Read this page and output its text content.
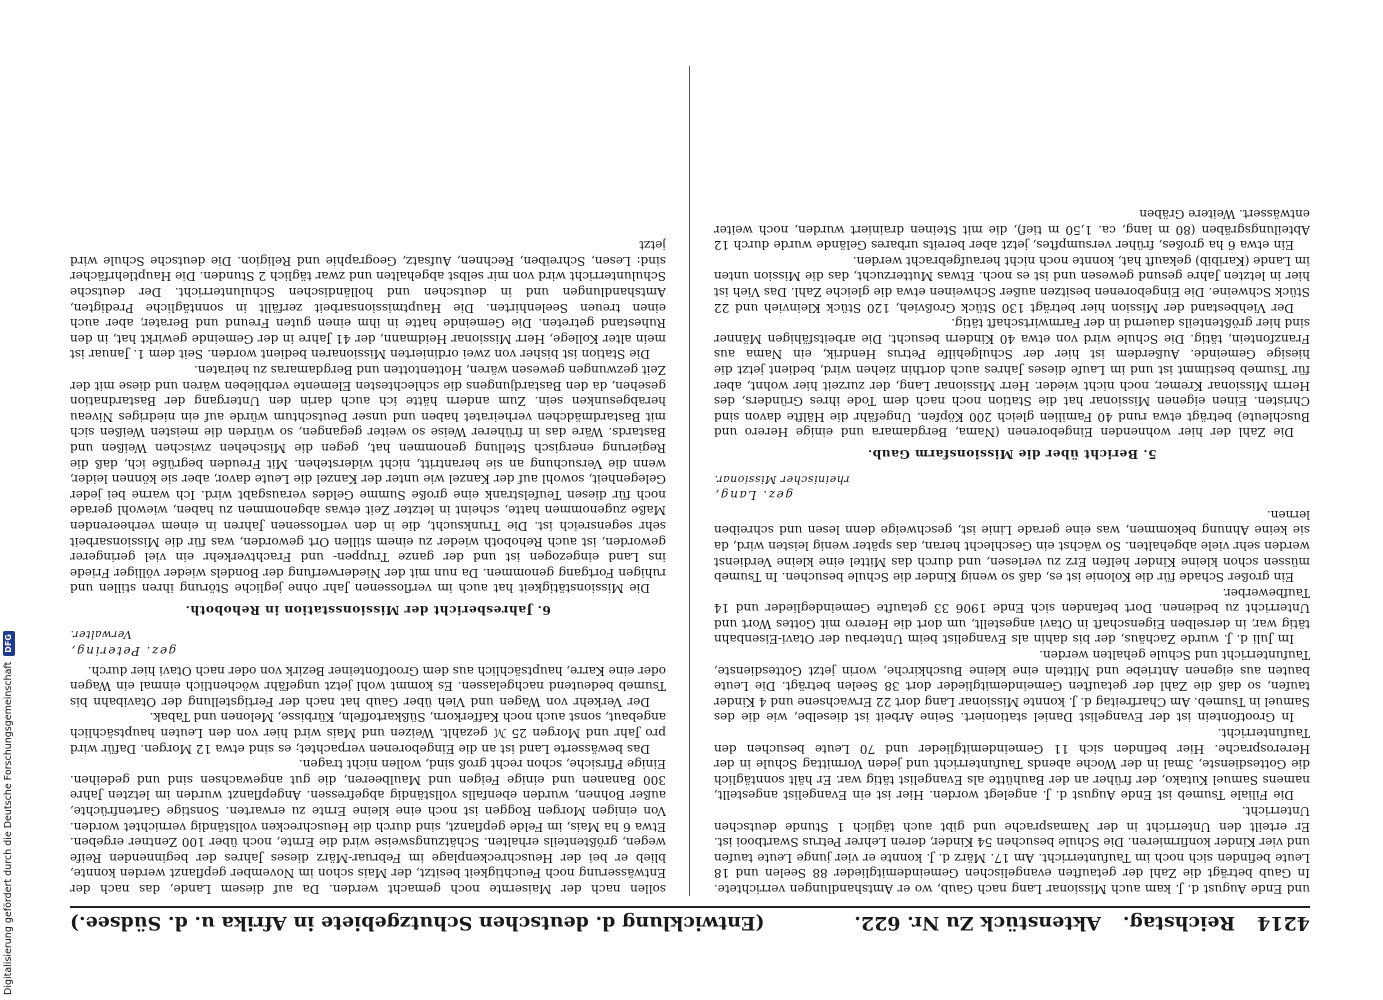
4214
Reichstag.
Aktenstück Zu Nr. 622.
(Entwicklung d. deutschen Schutzgebiete in Afrika u. d. Südsee.)

und Ende August d. J. kam auch Missionar Lang nach Gaub, wo er Amtshandlungen verrichtete. In Gaub beträgt die Zahl der getauften evangelischen Gemeindemitglieder 88 Seelen und 18 Leute befinden sich noch im Taufunterricht. Am 17. März d. J. konnte er vier junge Leute taufen und vier Kinder konfirmieren. Die Schule besuchen 54 Kinder, deren Lehrer Petrus Swartbooi ist. Er erteilt den Unterricht in der Namasprache und gibt auch täglich 1 Stunde deutschen Unterricht.

Die Filiale Tsumeb ist Ende August d. J. angelegt worden. Hier ist ein Evangelist angestellt, namens Samuel Kutako, der früher an der Bauhütte als Evangelist tätig war. Er hält sonntäglich die Gottesdienste, 3mal in der Woche abends Taufunterricht und jeden Vormittag Schule in der Hererosprache. Hier befinden sich 11 Gemeindemitglieder und 70 Leute besuchen den Taufunterricht.

In Grootfontein ist der Evangelist Daniel stationiert. Seine Arbeit ist dieselbe, wie die des Samuel in Tsumeb. Am Charfreitag d. J. konnte Missionar Lang dort 22 Erwachsene und 4 Kinder taufen, so daß die Zahl der getauften Gemeindemitglieder dort 38 Seelen beträgt. Die Leute bauten aus eigenen Antriebe und Mitteln eine kleine Buschkirche, worin jetzt Gottesdienste, Taufunterricht und Schule gehalten werden.

Im Juli d. J. wurde Zachäus, der bis dahin als Evangelist beim Unterbau der Otavi-Eisenbahn tätig war, in derselben Eigenschaft in Otavi angestellt, um dort die Herero mit Gottes Wort und Unterricht zu bedienen. Dort befanden sich Ende 1906 33 getaufte Gemeindeglieder und 14 Taufbewerber.

Ein großer Schade für die Kolonie ist es, daß so wenig Kinder die Schule besuchen. In Tsumeb müssen schon kleine Kinder helfen Erz zu verlesen, und durch das Mittel eine kleine Verdienst werden sehr viele abgehalten. So wächst ein Geschlecht heran, das später wenig leisten wird, da sie keine Ahnung bekommen, was eine gerade Linie ist, geschweige denn lesen und schreiben lernen.

gez. Lang,
rheinischer Missionar.
5. Bericht über die Missionsfarm Gaub.

Die Zahl der hier wohnenden Eingeborenen (Nama, Bergdamara und einige Herero und Buschleute) beträgt etwa rund 40 Familien gleich 200 Köpfen. Ungefähr die Hälfte davon sind Christen. Einen eigenen Missionar hat die Station noch nach dem Tode ihres Gründers, des Herrn Missionar Kremer, noch nicht wieder. Herr Missionar Lang, der zurzeit hier wohnt, aber für Tsumeb bestimmt ist und im Laufe dieses Jahres auch dorthin ziehen wird, bedient jetzt die hiesige Gemeinde. Außerdem ist hier der Schulgehilfe Petrus Hendrik, ein Nama aus Franzfontein, tätig. Die Schule wird von etwa 40 Kindern besucht. Die arbeitsfähigen Männer sind hier größtenteils dauernd in der Farmwirtschaft tätig.

Der Viehbestand der Mission hier beträgt 130 Stück Großvieh, 120 Stück Kleinvieh und 22 Stück Schweine. Die Eingeborenen besitzen außer Schweinen etwa die gleiche Zahl. Das Vieh ist hier in letzten Jahre gesund gewesen und ist es noch. Etwas Mutterzucht, das die Mission unten im Lande (Karibib) gekauft hat, konnte noch nicht heraufgebracht werden.

Ein etwa 6 ha großes, früher versumpftes, jetzt aber bereits urbares Gelände wurde durch 12 Abteilungsgräben (80 m lang, ca. 1,50 m tief), die mit Steinen drainiert wurden, noch weiter entwässert. Weitere Gräben

sollen nach der Maisernte noch gemacht werden. Da auf diesem Lande, das nach der Entwässerung noch Feuchtigkeit besitzt, der Mais schon im November gepflanzt werden konnte, blieb er bei der Heuschreckenplage im Februar-März dieses Jahres der beginnenden Reife wegen, größtenteils erhalten. Schätzungsweise wird die Ernte, noch über 100 Zentner ergeben. Etwa 6 ha Mais, im Felde gepflanzt, sind durch die Heuschrecken vollständig vernichtet worden. Von einigen Morgen Roggen ist noch eine kleine Ernte zu erwarten. Sonstige Gartenfrüchte, außer Bohnen, wurden ebenfalls vollständig abgefressen. Angepflanzt wurden im letzten Jahre 300 Bananen und einige Feigen und Maulbeeren, die gut angewachsen sind und gedeihen. Einige Pfirsiche, schon recht groß sind, wollen nicht tragen.

Das bewässerte Land ist an die Eingeborenen verpachtet; es sind etwa 12 Morgen. Dafür wird pro Jahr und Morgen 25 ℳ gezahlt. Weizen und Mais wird hier von den Leuten hauptsächlich angebaut, sonst auch noch Kafferkorn, Süßkartoffeln, Kürbisse, Melonen und Tabak.

Der Verkehr von Wagen und Vieh über Gaub hat nach der Fertigstellung der Otavibahn bis Tsumeb bedeutend nachgelassen. Es kommt wohl jetzt ungefähr wöchentlich einmal ein Wagen oder eine Karre, hauptsächlich aus dem Grootfonteiner Bezirk von oder nach Otavi hier durch.

gez. Petering,
Verwalter.
6. Jahresbericht der Missionsstation in Rehoboth.

Die Missionstätigkeit hat auch im verflossenen Jahr ohne jegliche Störung ihren stillen und ruhigen Fortgang genommen. Da nun mit der Niederwerfung der Bondels wieder völliger Friede ins Land eingezogen ist und der ganze Truppen- und Frachtverkehr ein viel geringerer geworden, ist auch Rehoboth wieder zu einem stillen Ort geworden, was für die Missionsarbeit sehr segensreich ist. Die Trunksucht, die in den verflossenen Jahren in einem verheerenden Maße zugenommen hatte, scheint in letzter Zeit etwas abgenommen zu haben, wiewohl gerade noch für diesen Teufelstrank eine große Summe Geldes verausgabt wird. Ich warne bei jeder Gelegenheit, sowohl auf der Kanzel wie unter der Kanzel die Leute davor, aber sie können leider, wenn die Versuchung an sie herantritt, nicht widerstehen. Mit Freuden begrüße ich, daß die Regierung energisch Stellung genommen hat, gegen die Mischehen zwischen Weißen und Bastards. Wäre das in früherer Weise so weiter gegangen, so würden die meisten Weißen sich mit Bastardmädchen verheiratet haben und unser Deutschtum würde auf ein niedriges Niveau herabgesunken sein. Zum andern hätte ich auch darin den Untergang der Bastardnation gesehen, da den Bastardjungens die schlechtesten Elemente verblieben wären und diese mit der Zeit gezwungen gewesen wären, Hottentotten und Bergdamaras zu heiraten.

Die Station ist bisher von zwei ordinierten Missionaren bedient worden. Seit dem 1. Januar ist mein alter Kollege, Herr Missionar Heidmann, der 41 Jahre in der Gemeinde gewirkt hat, in den Ruhestand getreten. Die Gemeinde hatte in ihm einen guten Freund und Berater, aber auch einen treuen Seelenhirten. Die Hauptmissionsarbeit zerfällt in sonntägliche Predigten, Amtshandlungen und in deutschen und holländischen Schulunterricht. Der deutsche Schulunterricht wird von mir selbst abgehalten und zwar täglich 2 Stunden. Die Hauptlehrfächer sind: Lesen, Schreiben, Rechnen, Aufsatz, Geographie und Religion. Die deutsche Schule wird jetzt

Digitalisierung gefördert durch die Deutsche Forschungsgemeinschaft
DFG
